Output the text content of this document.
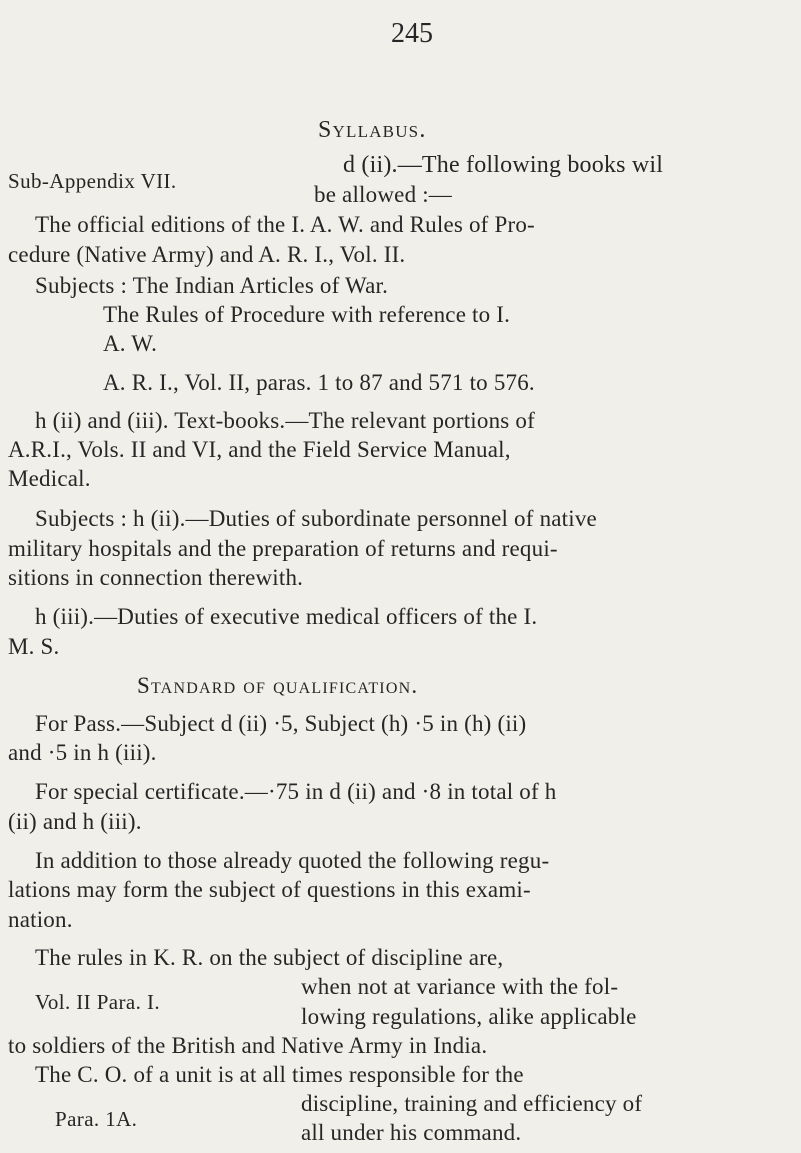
245
Syllabus.
Sub-Appendix VII.
d (ii).—The following books wil
be allowed :—
The official editions of the I. A. W. and Rules of Pro-
cedure (Native Army) and A. R. I., Vol. II.
Subjects : The Indian Articles of War.
The Rules of Procedure with reference to I.
A. W.
A. R. I., Vol. II, paras. 1 to 87 and 571 to 576.
h (ii) and (iii). Text-books.—The relevant portions of
A.R.I., Vols. II and VI, and the Field Service Manual,
Medical.
Subjects : h (ii).—Duties of subordinate personnel of native
military hospitals and the preparation of returns and requi-
sitions in connection therewith.
h (iii).—Duties of executive medical officers of the I.
M. S.
Standard of qualification.
For Pass.—Subject d (ii) ·5, Subject (h) ·5 in (h) (ii)
and ·5 in h (iii).
For special certificate.—·75 in d (ii) and ·8 in total of h
(ii) and h (iii).
In addition to those already quoted the following regu-
lations may form the subject of questions in this exami-
nation.
The rules in K. R. on the subject of discipline are,
Vol. II Para. I.
when not at variance with the fol-
lowing regulations, alike applicable
to soldiers of the British and Native Army in India.
The C. O. of a unit is at all times responsible for the
Para. 1A.
discipline, training and efficiency of
all under his command.
